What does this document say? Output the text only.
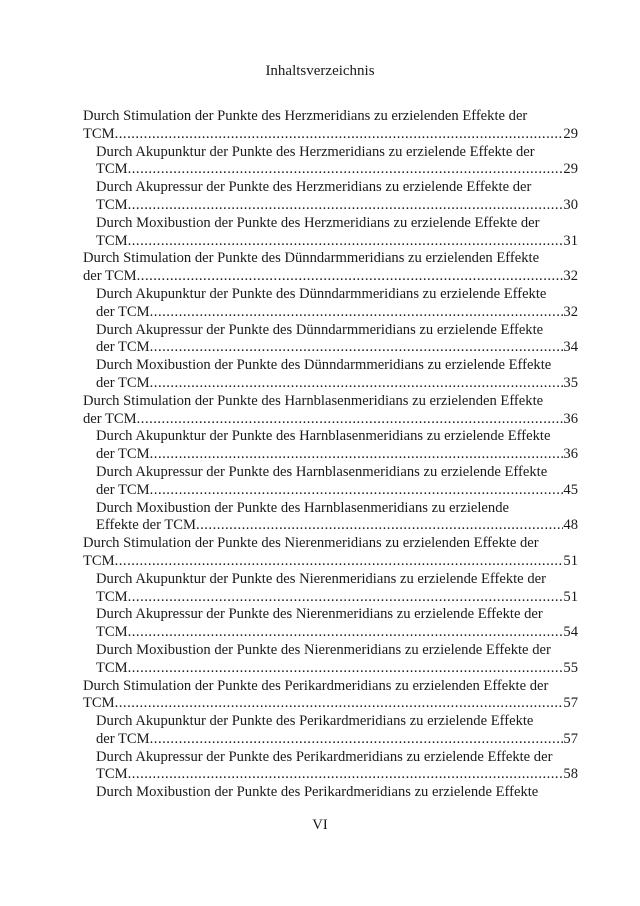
Inhaltsverzeichnis
Durch Stimulation der Punkte des Herzmeridians zu erzielenden Effekte der
TCM .....	29
Durch Akupunktur der Punkte des Herzmeridians zu erzielende Effekte der
TCM .....	29
Durch Akupressur der Punkte des Herzmeridians zu erzielende Effekte der
TCM .....	30
Durch Moxibustion der Punkte des Herzmeridians zu erzielende Effekte der
TCM .....	31
Durch Stimulation der Punkte des Dünndarmmeridians zu erzielenden Effekte
der TCM .....	32
Durch Akupunktur der Punkte des Dünndarmmeridians zu erzielende Effekte
der TCM .....	32
Durch Akupressur der Punkte des Dünndarmmeridians zu erzielende Effekte
der TCM .....	34
Durch Moxibustion der Punkte des Dünndarmmeridians zu erzielende Effekte
der TCM .....	35
Durch Stimulation der Punkte des Harnblasenmeridians zu erzielenden Effekte
der TCM .....	36
Durch Akupunktur der Punkte des Harnblasenmeridians zu erzielende Effekte
der TCM .....	36
Durch Akupressur der Punkte des Harnblasenmeridians zu erzielende Effekte
der TCM .....	45
Durch Moxibustion der Punkte des Harnblasenmeridians zu erzielende
Effekte der TCM .....	48
Durch Stimulation der Punkte des Nierenmeridians zu erzielenden Effekte der
TCM .....	51
Durch Akupunktur der Punkte des Nierenmeridians zu erzielende Effekte der
TCM .....	51
Durch Akupressur der Punkte des Nierenmeridians zu erzielende Effekte der
TCM .....	54
Durch Moxibustion der Punkte des Nierenmeridians zu erzielende Effekte der
TCM .....	55
Durch Stimulation der Punkte des Perikardmeridians zu erzielenden Effekte der
TCM .....	57
Durch Akupunktur der Punkte des Perikardmeridians zu erzielende Effekte
der TCM .....	57
Durch Akupressur der Punkte des Perikardmeridians zu erzielende Effekte der
TCM .....	58
Durch Moxibustion der Punkte des Perikardmeridians zu erzielende Effekte
VI
